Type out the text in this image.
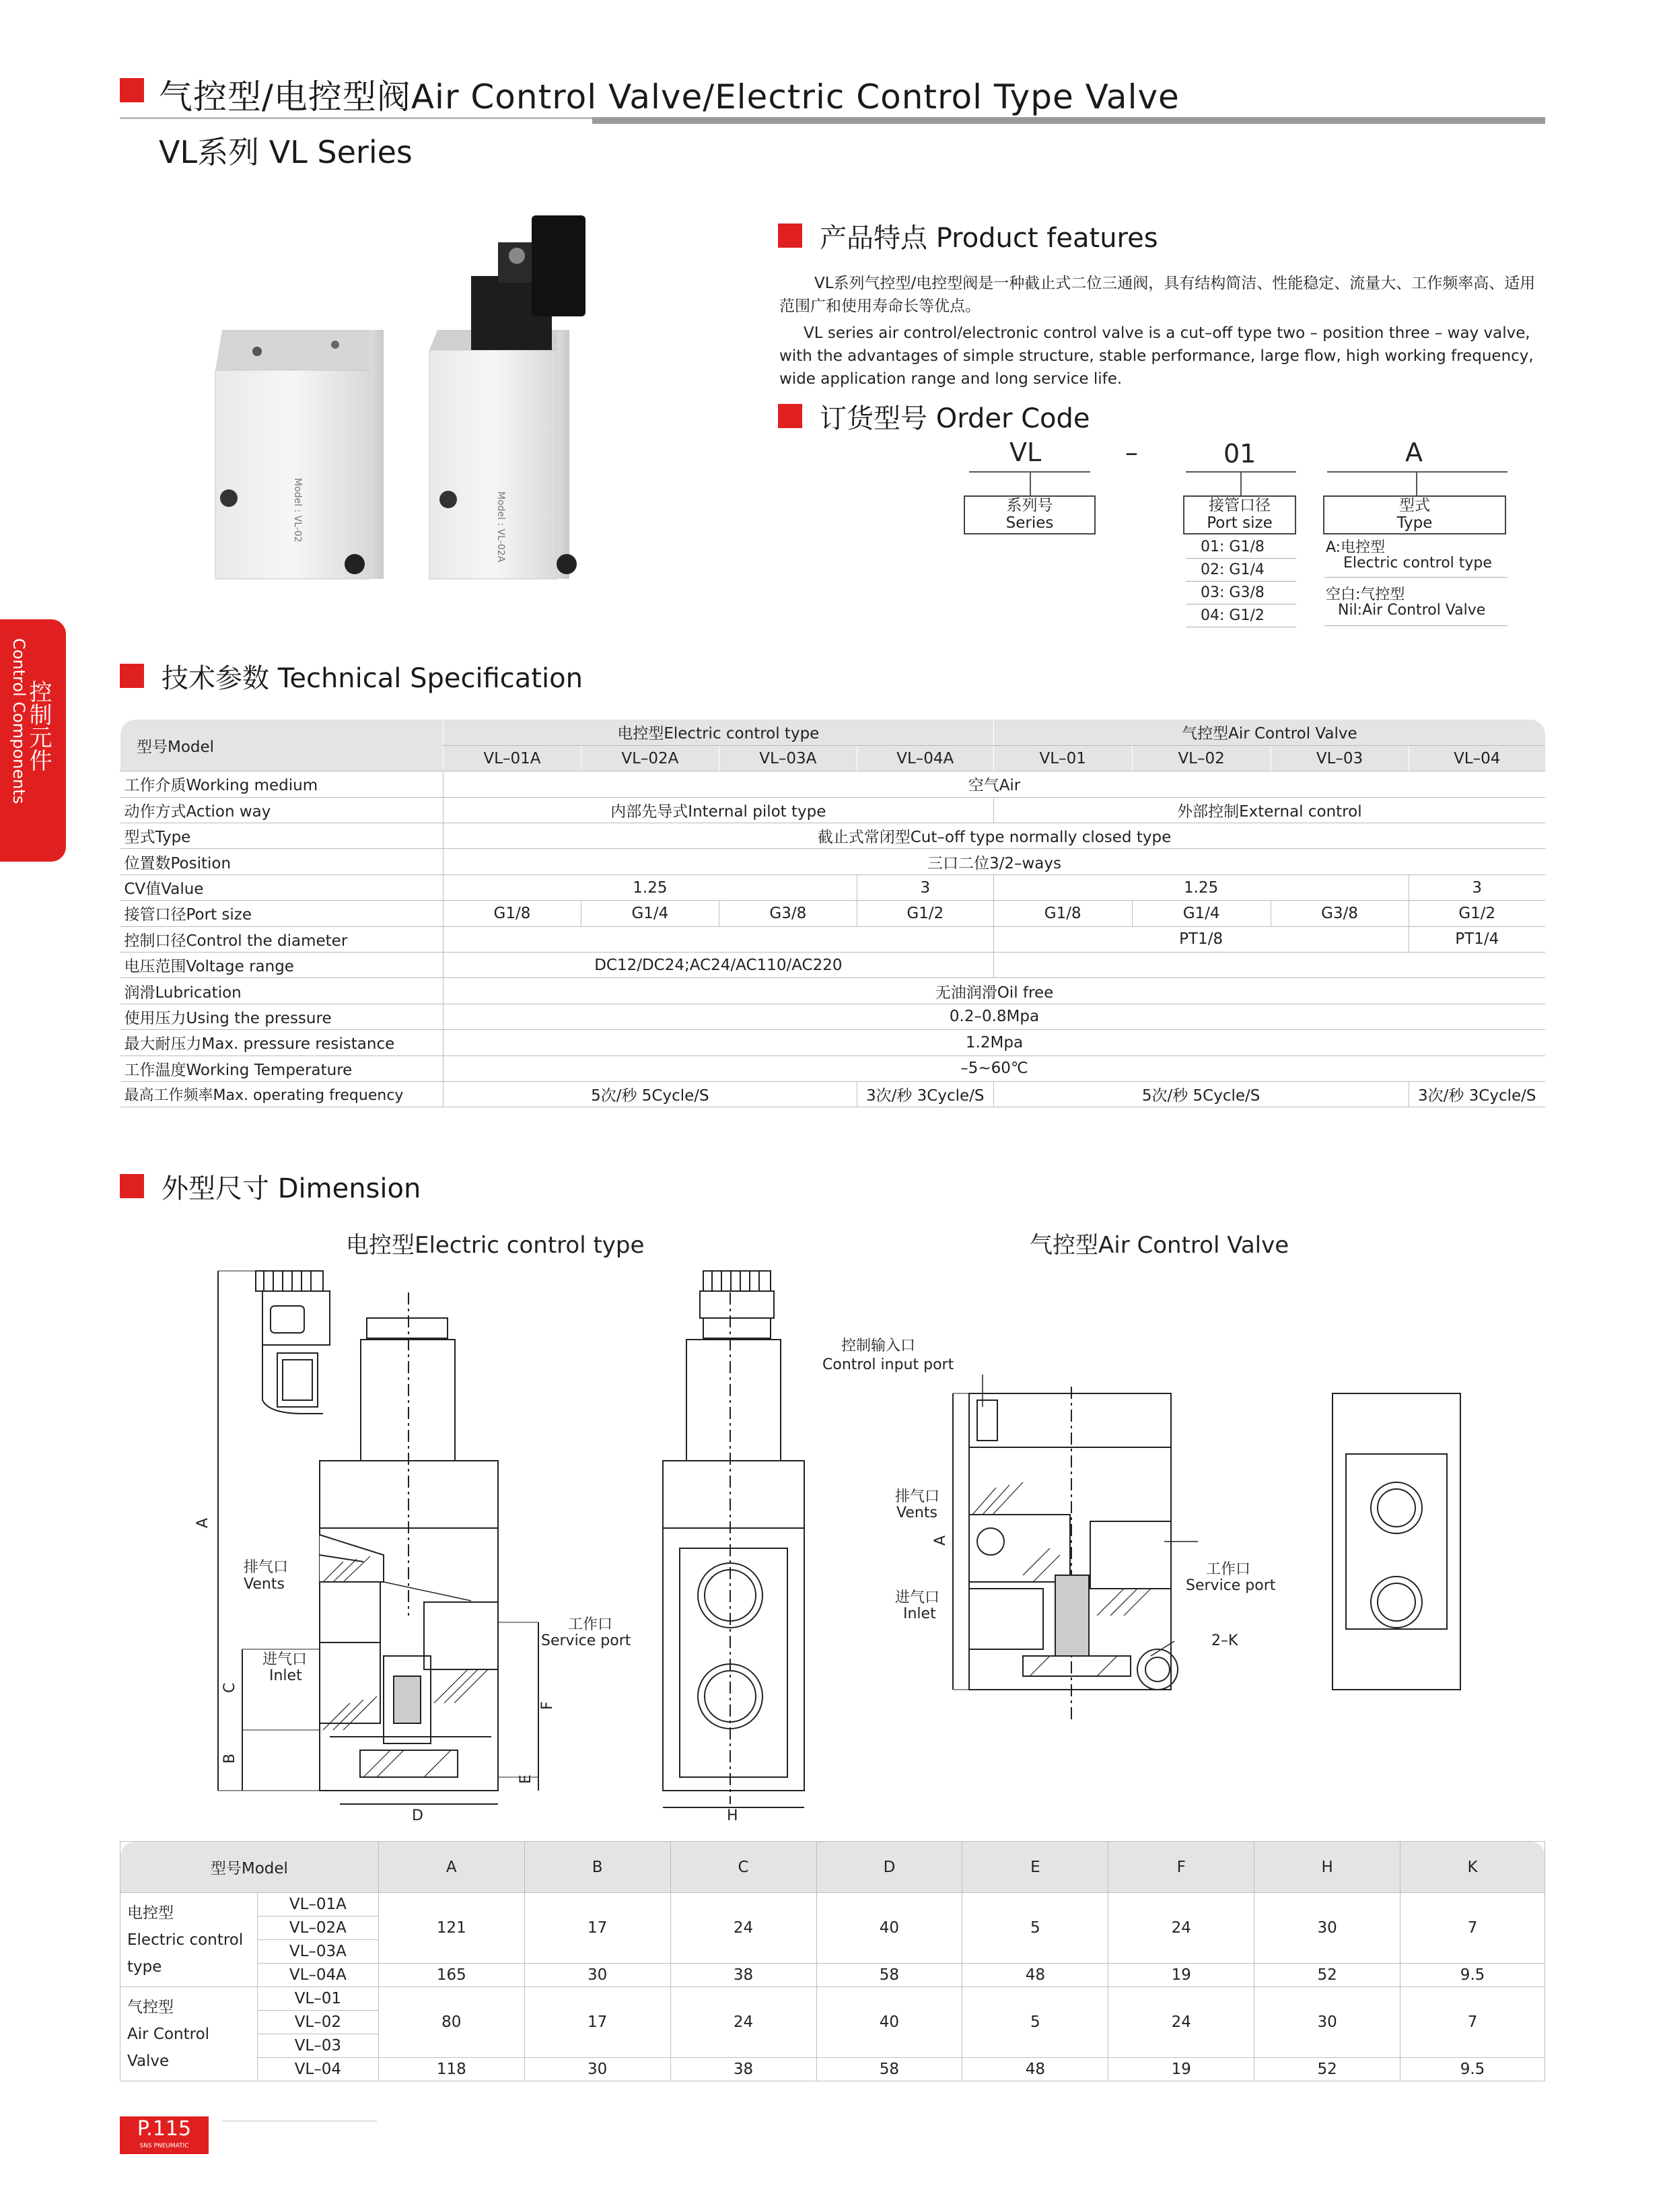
气控型/电控型阀Air Control Valve/Electric Control Type Valve
VL系列 VL Series
控制元件
Control Components
Model : VL-02	Model : VL-02A
产品特点 Product features
VL系列气控型/电控型阀是一种截止式二位三通阀，具有结构简洁、性能稳定、流量大、工作频率高、适用范围广和使用寿命长等优点。
VL series air control/electronic control valve is a cut–off type two – position three – way valve, with the advantages of simple structure, stable performance, large flow, high working frequency, wide application range and long service life.
订货型号 Order Code
VL	–	01	A
系列号
Series
接管口径
Port size
01: G1/8
02: G1/4
03: G3/8
04: G1/2
型式
Type
A:电控型
Electric control type
空白:气控型
Nil:Air Control Valve
技术参数 Technical Specification
型号Model	电控型Electric control type				气控型Air Control Valve			
	VL–01A	VL–02A	VL–03A	VL–04A	VL–01	VL–02	VL–03	VL–04
工作介质Working medium	空气Air							
动作方式Action way	内部先导式Internal pilot type				外部控制External control			
型式Type	截止式常闭型Cut–off type normally closed type							
位置数Position	三口二位3/2–ways							
CV值Value	1.25			3	1.25			3
接管口径Port size	G1/8	G1/4	G3/8	G1/2	G1/8	G1/4	G3/8	G1/2
控制口径Control the diameter					PT1/8			PT1/4
电压范围Voltage range	DC12/DC24;AC24/AC110/AC220							
润滑Lubrication	无油润滑Oil free							
使用压力Using the pressure	0.2–0.8Mpa							
最大耐压力Max. pressure resistance	1.2Mpa							
工作温度Working Temperature	–5~60℃							
最高工作频率Max. operating frequency	5次/秒 5Cycle/S			3次/秒 3Cycle/S	5次/秒 5Cycle/S			3次/秒 3Cycle/S
外型尺寸 Dimension
电控型Electric control type	气控型Air Control Valve
A
B
C
D
E
F
H
排气口
Vents
进气口
Inlet
工作口
Service port
控制输入口
Control input port
排气口
Vents
进气口
Inlet
A
工作口
Service port
2–K
型号Model		A	B	C	D	E	F	H	K

电控型
Electric control
type	VL–01A	121	17	24	40	5	24	30	7
	VL–02A								
	VL–03A								
	VL–04A	165	30	38	58	48	19	52	9.5

气控型
Air Control
Valve	VL–01	80	17	24	40	5	24	30	7
	VL–02								
	VL–03								
	VL–04	118	30	38	58	48	19	52	9.5
P.115
SNS PNEUMATIC
